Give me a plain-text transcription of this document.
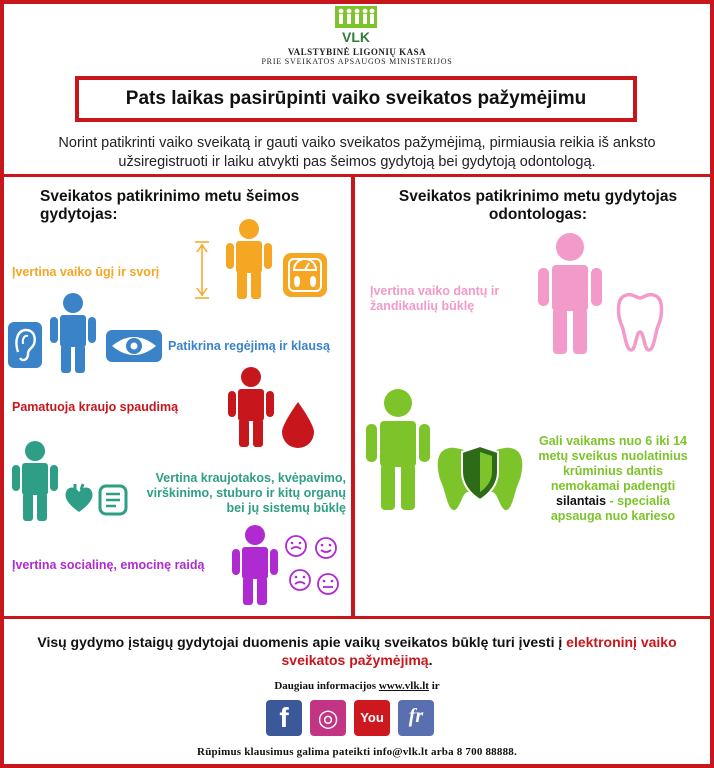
VLK
VALSTYBINĖ LIGONIŲ KASA
PRIE SVEIKATOS APSAUGOS MINISTERIJOS
Pats laikas pasirūpinti vaiko sveikatos pažymėjimu
Norint patikrinti vaiko sveikatą ir gauti vaiko sveikatos pažymėjimą, pirmiausia reikia iš anksto užsiregistruoti ir laiku atvykti pas šeimos gydytoją bei gydytoją odontologą.
Sveikatos patikrinimo metu šeimos gydytojas:
Įvertina vaiko ūgį ir svorį
Patikrina regėjimą ir klausą
Pamatuoja kraujo spaudimą
Vertina kraujotakos, kvėpavimo, virškinimo, stuburo ir kitų organų bei jų sistemų būklę
Įvertina socialinę, emocinę raidą
Sveikatos patikrinimo metu gydytojas odontologas:
Įvertina vaiko dantų ir žandikaulių būklę
Gali vaikams nuo 6 iki 14 metų sveikus nuolatinius krūminius dantis nemokamai padengti silantais - specialia apsauga nuo karieso
Visų gydymo įstaigų gydytojai duomenis apie vaikų sveikatos būklę turi įvesti į elektroninį vaiko sveikatos pažymėjimą.
Daugiau informacijos www.vlk.lt ir
f	◎	You	fr
Rūpimus klausimus galima pateikti info@vlk.lt arba 8 700 88888.
